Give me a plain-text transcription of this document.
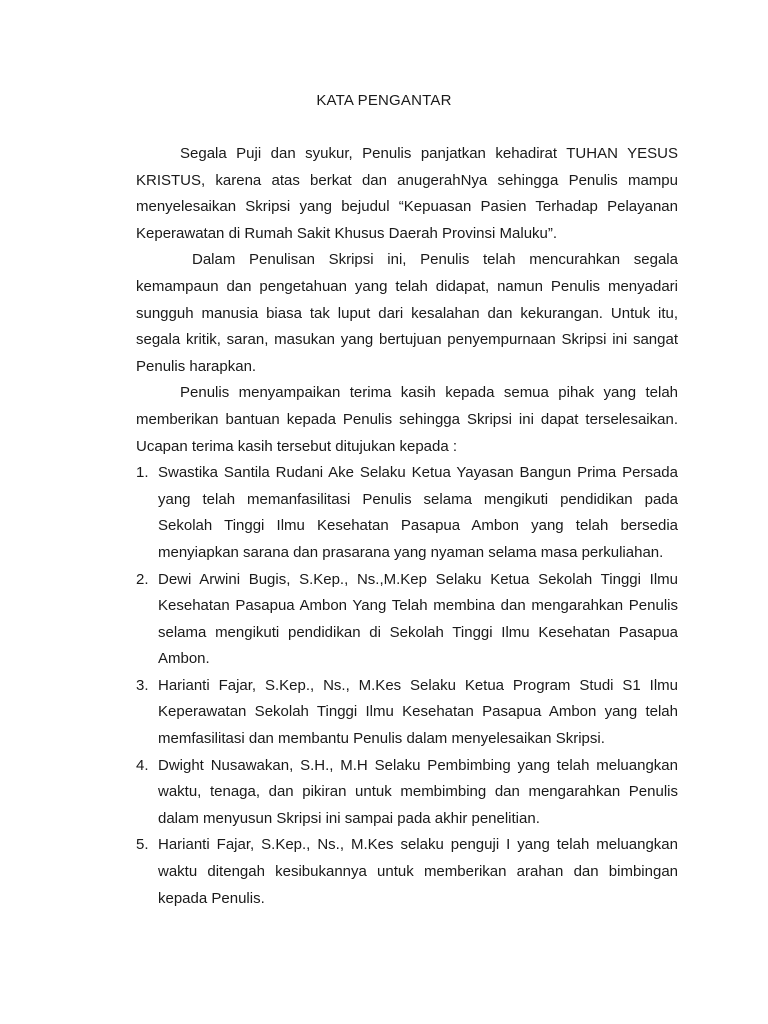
KATA PENGANTAR

Segala Puji dan syukur, Penulis panjatkan kehadirat TUHAN YESUS KRISTUS, karena atas berkat dan anugerahNya sehingga Penulis mampu menyelesaikan Skripsi yang bejudul “Kepuasan Pasien Terhadap Pelayanan Keperawatan di Rumah Sakit Khusus Daerah Provinsi Maluku”.

Dalam Penulisan Skripsi ini, Penulis telah mencurahkan segala kemampaun dan pengetahuan yang telah didapat, namun Penulis menyadari sungguh manusia biasa tak luput dari kesalahan dan kekurangan. Untuk itu, segala kritik, saran, masukan yang bertujuan penyempurnaan Skripsi ini sangat Penulis harapkan.

Penulis menyampaikan terima kasih kepada semua pihak yang telah memberikan bantuan kepada Penulis sehingga Skripsi ini dapat terselesaikan. Ucapan terima kasih tersebut ditujukan kepada :

1. Swastika Santila Rudani Ake Selaku Ketua Yayasan Bangun Prima Persada yang telah memanfasilitasi Penulis selama mengikuti pendidikan pada Sekolah Tinggi Ilmu Kesehatan Pasapua Ambon yang telah bersedia menyiapkan sarana dan prasarana yang nyaman selama masa perkuliahan.
2. Dewi Arwini Bugis, S.Kep., Ns.,M.Kep Selaku Ketua Sekolah Tinggi Ilmu Kesehatan Pasapua Ambon Yang Telah membina dan mengarahkan Penulis selama mengikuti pendidikan di Sekolah Tinggi Ilmu Kesehatan Pasapua Ambon.
3. Harianti Fajar, S.Kep., Ns., M.Kes Selaku Ketua Program Studi S1 Ilmu Keperawatan Sekolah Tinggi Ilmu Kesehatan Pasapua Ambon yang telah memfasilitasi dan membantu Penulis dalam menyelesaikan Skripsi.
4. Dwight Nusawakan, S.H., M.H Selaku Pembimbing yang telah meluangkan waktu, tenaga, dan pikiran untuk membimbing dan mengarahkan Penulis dalam menyusun Skripsi ini sampai pada akhir penelitian.
5. Harianti Fajar, S.Kep., Ns., M.Kes selaku penguji I yang telah meluangkan waktu ditengah kesibukannya untuk memberikan arahan dan bimbingan kepada Penulis.
